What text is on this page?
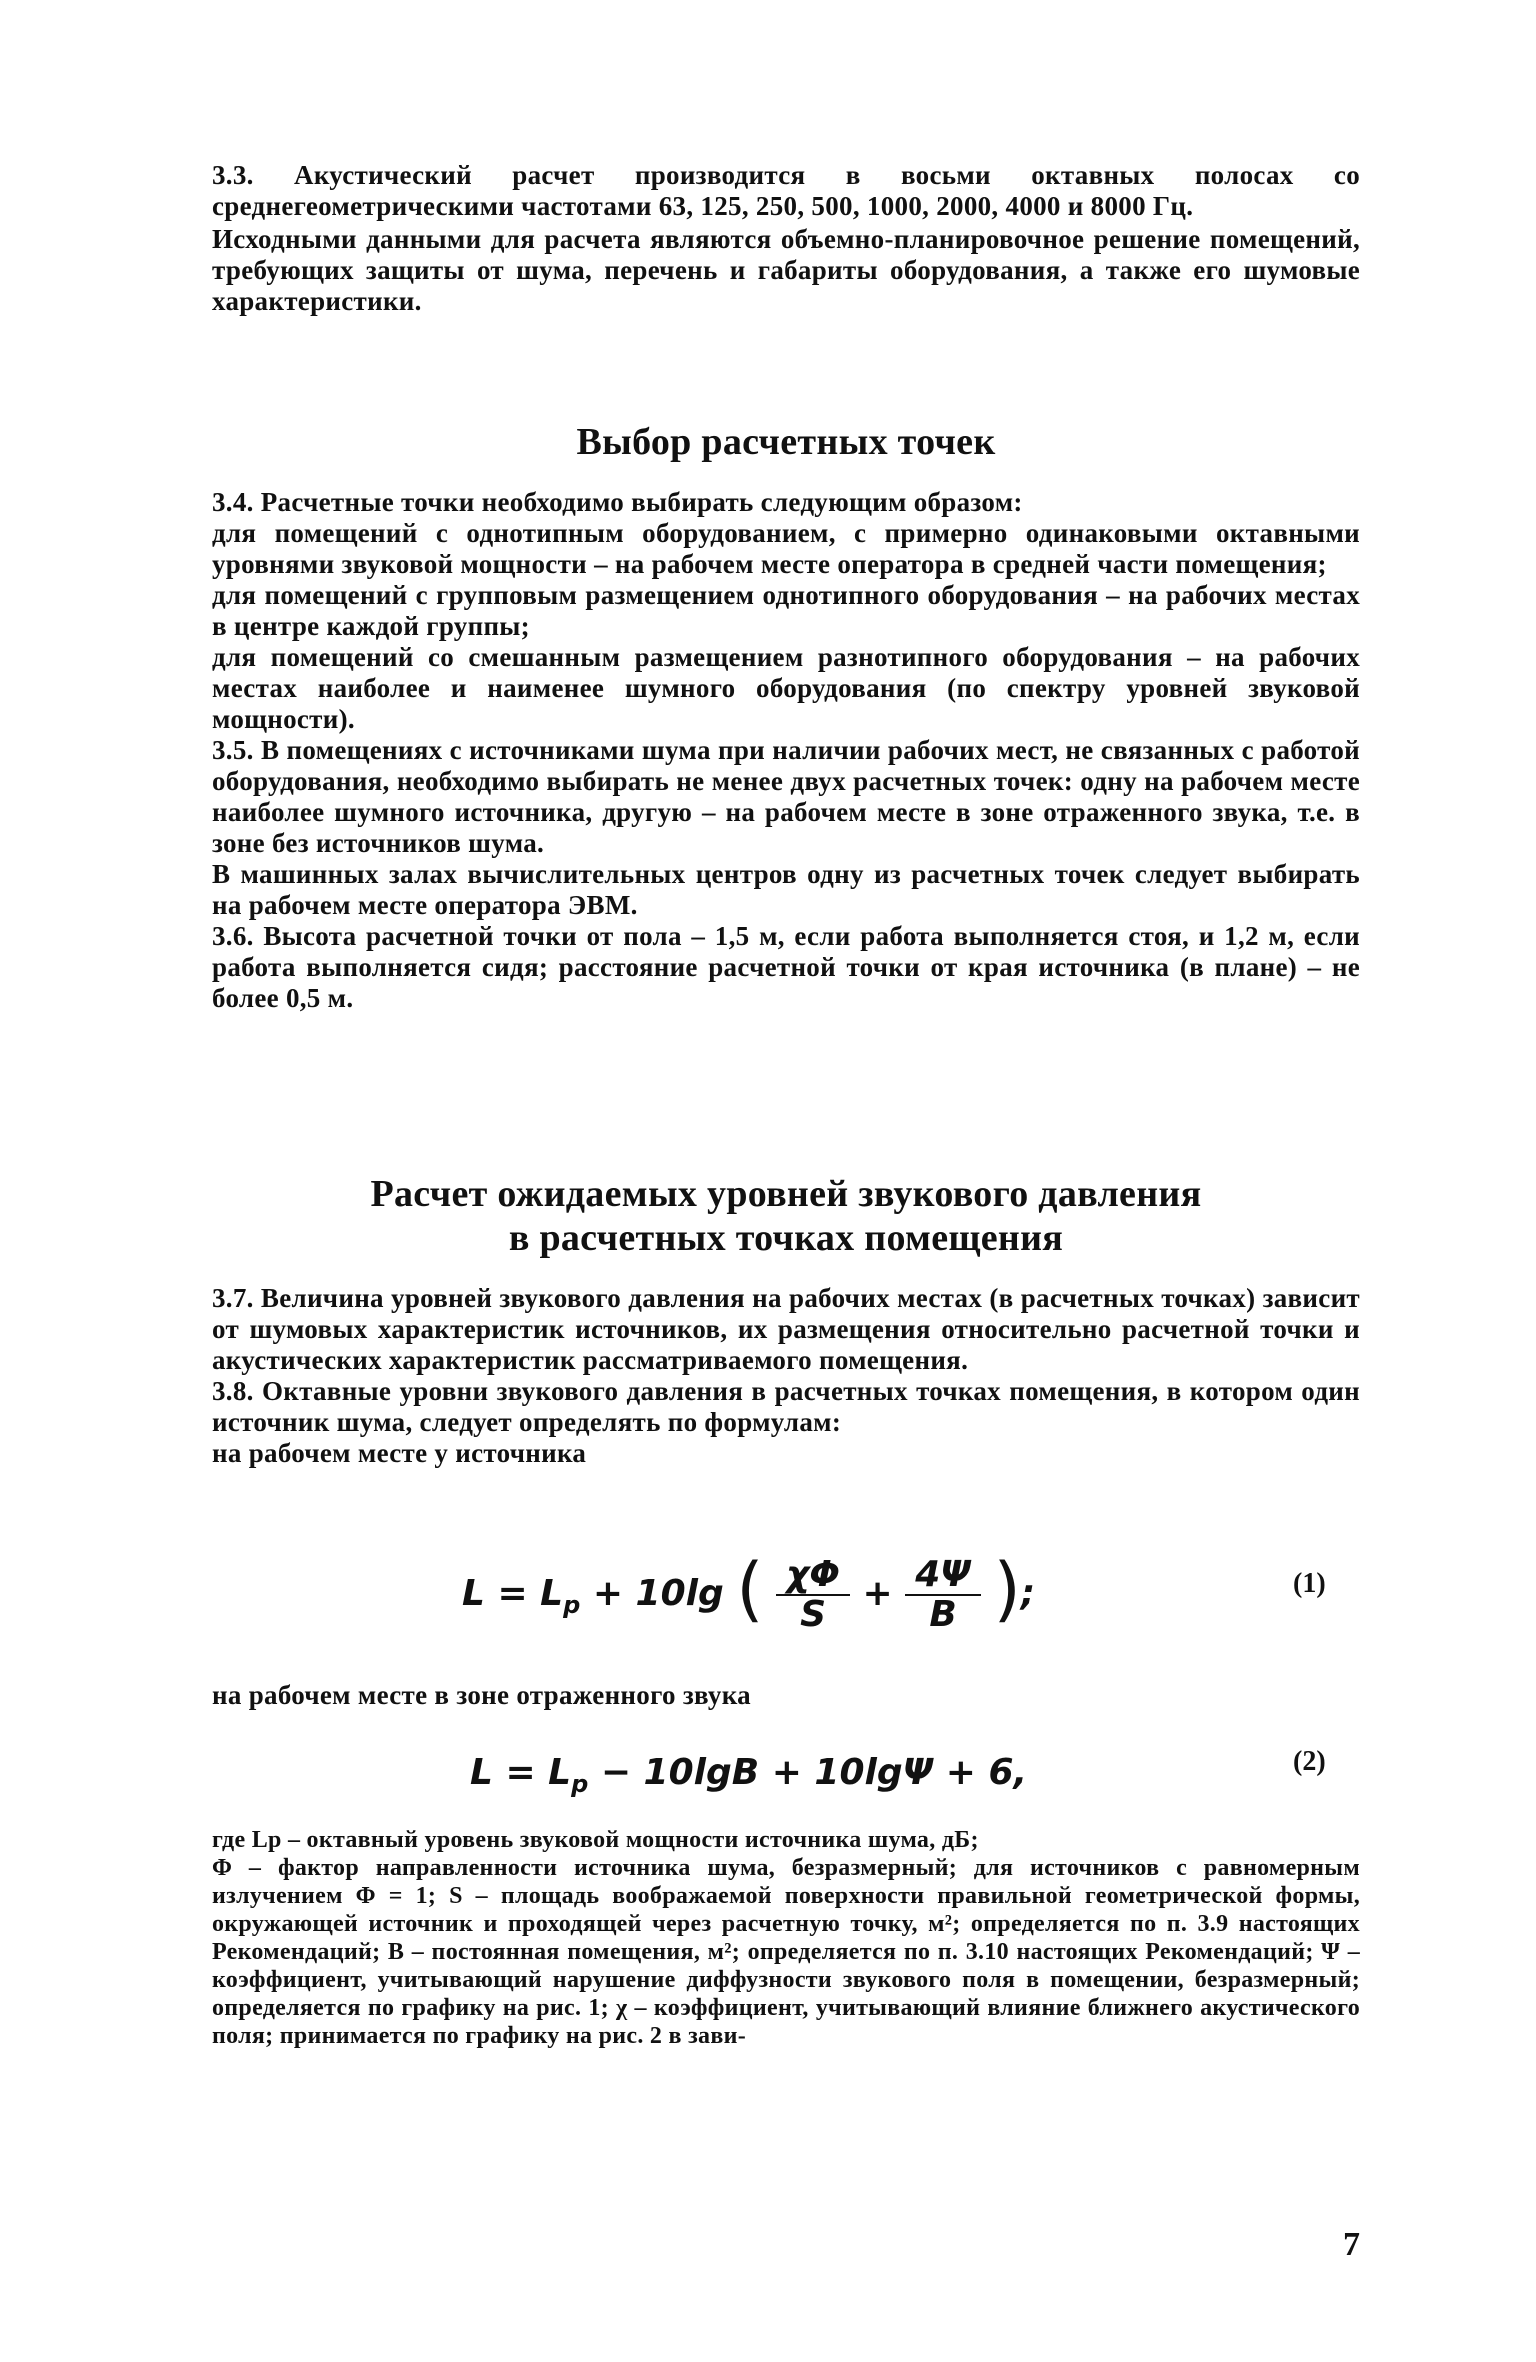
3.3. Акустический расчет производится в восьми октавных полосах со среднегеометрическими частотами 63, 125, 250, 500, 1000, 2000, 4000 и 8000 Гц.

Исходными данными для расчета являются объемно-планировочное решение помещений, требующих защиты от шума, перечень и габариты оборудования, а также его шумовые характеристики.

Выбор расчетных точек

3.4. Расчетные точки необходимо выбирать следующим образом:

для помещений с однотипным оборудованием, с примерно одинаковыми октавными уровнями звуковой мощности – на рабочем месте оператора в средней части помещения;

для помещений с групповым размещением однотипного оборудования – на рабочих местах в центре каждой группы;

для помещений со смешанным размещением разнотипного оборудования – на рабочих местах наиболее и наименее шумного оборудования (по спектру уровней звуковой мощности).

3.5. В помещениях с источниками шума при наличии рабочих мест, не связанных с работой оборудования, необходимо выбирать не менее двух расчетных точек: одну на рабочем месте наиболее шумного источника, другую – на рабочем месте в зоне отраженного звука, т.е. в зоне без источников шума.

В машинных залах вычислительных центров одну из расчетных точек следует выбирать на рабочем месте оператора ЭВМ.

3.6. Высота расчетной точки от пола – 1,5 м, если работа выполняется стоя, и 1,2 м, если работа выполняется сидя; расстояние расчетной точки от края источника (в плане) – не более 0,5 м.

Расчет ожидаемых уровней звукового давления
в расчетных точках помещения

3.7. Величина уровней звукового давления на рабочих местах (в расчетных точках) зависит от шумовых характеристик источников, их размещения относительно расчетной точки и акустических характеристик рассматриваемого помещения.

3.8. Октавные уровни звукового давления в расчетных точках помещения, в котором один источник шума, следует определять по формулам:

на рабочем месте у источника

$L = L_p + 10\lg$ ( $\frac{\chi\Phi}{S} + \frac{4\Psi}{B}$ );	(1)

на рабочем месте в зоне отраженного звука

$L = L_p - 10\lg B + 10\lg\Psi + 6$,	(2)

где Lp – октавный уровень звуковой мощности источника шума, дБ;

Φ – фактор направленности источника шума, безразмерный; для источников с равномерным излучением Φ = 1; S – площадь воображаемой поверхности правильной геометрической формы, окружающей источник и проходящей через расчетную точку, м²; определяется по п. 3.9 настоящих Рекомендаций; B – постоянная помещения, м²; определяется по п. 3.10 настоящих Рекомендаций; Ψ – коэффициент, учитывающий нарушение диффузности звукового поля в помещении, безразмерный; определяется по графику на рис. 1; χ – коэффициент, учитывающий влияние ближнего акустического поля; принимается по графику на рис. 2 в зави-

7
